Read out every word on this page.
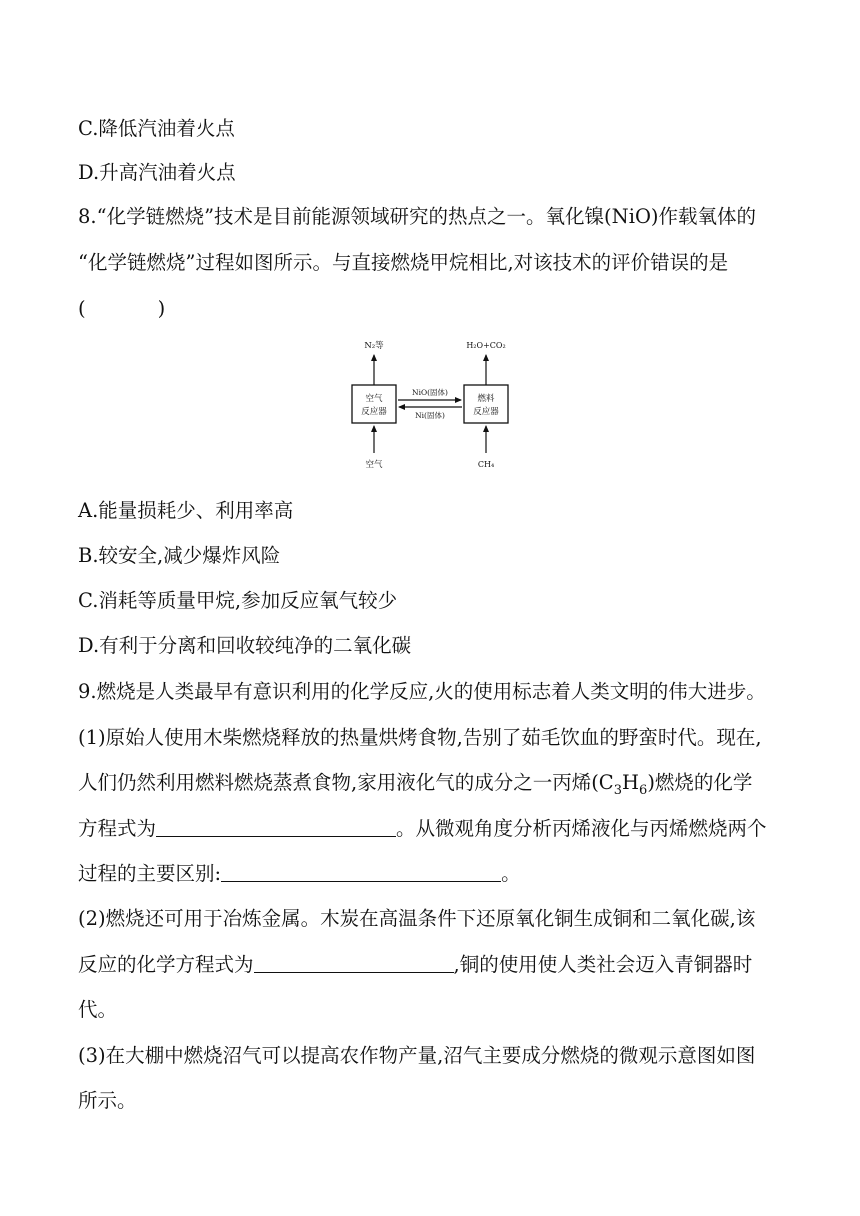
C.降低汽油着火点
D.升高汽油着火点
8.“化学链燃烧”技术是目前能源领域研究的热点之一。氧化镍(NiO)作载氧体的
“化学链燃烧”过程如图所示。与直接燃烧甲烷相比,对该技术的评价错误的是
(	)
N₂等	H₂O+CO₂
空气
反应器
燃料
反应器
NiO(固体)
Ni(固体)
空气	CH₄
A.能量损耗少、利用率高
B.较安全,减少爆炸风险
C.消耗等质量甲烷,参加反应氧气较少
D.有利于分离和回收较纯净的二氧化碳
9.燃烧是人类最早有意识利用的化学反应,火的使用标志着人类文明的伟大进步。
(1)原始人使用木柴燃烧释放的热量烘烤食物,告别了茹毛饮血的野蛮时代。现在,
人们仍然利用燃料燃烧蒸煮食物,家用液化气的成分之一丙烯$(C_3H_6)$燃烧的化学
方程式为	。从微观角度分析丙烯液化与丙烯燃烧两个
过程的主要区别:	。
(2)燃烧还可用于冶炼金属。木炭在高温条件下还原氧化铜生成铜和二氧化碳,该
反应的化学方程式为	,铜的使用使人类社会迈入青铜器时
代。
(3)在大棚中燃烧沼气可以提高农作物产量,沼气主要成分燃烧的微观示意图如图
所示。
